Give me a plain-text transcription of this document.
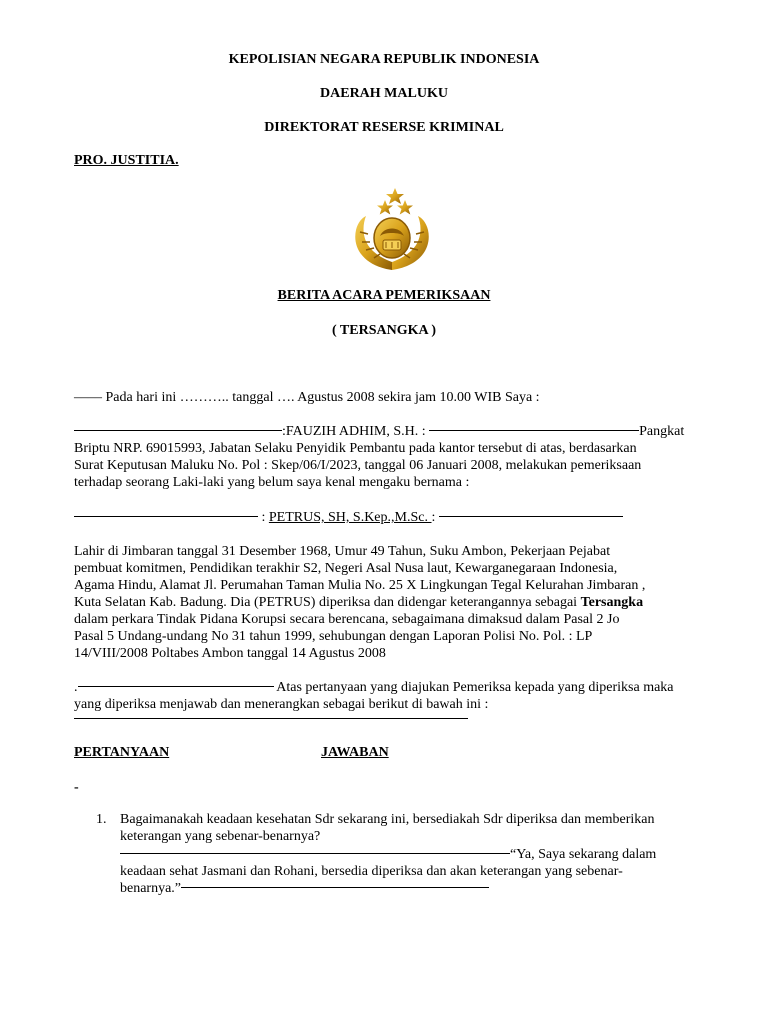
KEPOLISIAN NEGARA REPUBLIK INDONESIA
DAERAH MALUKU
DIREKTORAT RESERSE KRIMINAL
PRO. JUSTITIA.
BERITA ACARA PEMERIKSAAN
( TERSANGKA )
–––– Pada hari ini ……….. tanggal …. Agustus 2008 sekira jam 10.00 WIB Saya :
:FAUZIH ADHIM, S.H. :	Pangkat
Briptu NRP. 69015993, Jabatan Selaku Penyidik Pembantu pada kantor tersebut di atas, berdasarkan
Surat Keputusan Maluku No. Pol : Skep/06/I/2023, tanggal 06 Januari 2008, melakukan pemeriksaan
terhadap seorang Laki-laki yang belum saya kenal mengaku bernama :
: PETRUS, SH, S.Kep.,M.Sc. :
Lahir di Jimbaran tanggal 31 Desember 1968, Umur 49 Tahun, Suku Ambon, Pekerjaan Pejabat
pembuat komitmen, Pendidikan terakhir S2, Negeri Asal Nusa laut, Kewarganegaraan Indonesia,
Agama Hindu, Alamat Jl. Perumahan Taman Mulia No. 25 X Lingkungan Tegal Kelurahan Jimbaran ,
Kuta Selatan Kab. Badung. Dia (PETRUS) diperiksa dan didengar keterangannya sebagai Tersangka
dalam perkara Tindak Pidana Korupsi secara berencana, sebagaimana dimaksud dalam Pasal 2 Jo
Pasal 5 Undang-undang No 31 tahun 1999, sehubungan dengan Laporan Polisi No. Pol. : LP
14/VIII/2008 Poltabes Ambon tanggal 14 Agustus 2008
.	Atas pertanyaan yang diajukan Pemeriksa kepada yang diperiksa maka
yang diperiksa menjawab dan menerangkan sebagai berikut di bawah ini :
PERTANYAAN	JAWABAN
-
1. Bagaimanakah keadaan kesehatan Sdr sekarang ini, bersediakah Sdr diperiksa dan memberikan
keterangan yang sebenar-benarnya?
“Ya, Saya sekarang dalam
keadaan sehat Jasmani dan Rohani, bersedia diperiksa dan akan keterangan yang sebenar-
benarnya.”
